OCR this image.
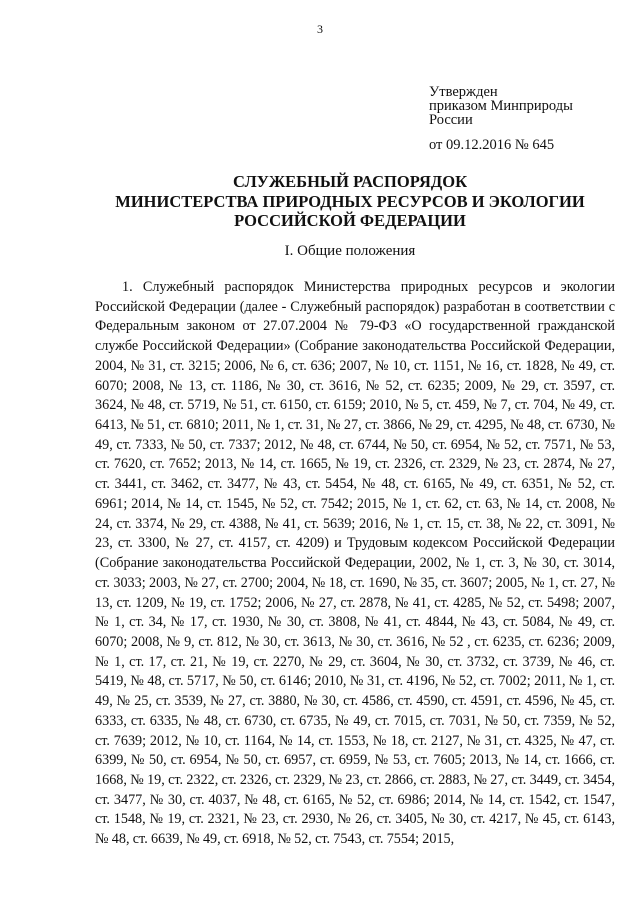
3
Утвержден
приказом Минприроды
России
от 09.12.2016 № 645
СЛУЖЕБНЫЙ РАСПОРЯДОК
МИНИСТЕРСТВА ПРИРОДНЫХ РЕСУРСОВ И ЭКОЛОГИИ
РОССИЙСКОЙ ФЕДЕРАЦИИ
I. Общие положения

1. Служебный распорядок Министерства природных ресурсов и экологии Российской Федерации (далее - Служебный распорядок) разработан в соответствии с Федеральным законом от 27.07.2004 № 79-ФЗ «О государственной гражданской службе Российской Федерации» (Собрание законодательства Российской Федерации, 2004, № 31, ст. 3215; 2006, № 6, ст. 636; 2007, № 10, ст. 1151, № 16, ст. 1828, № 49, ст. 6070; 2008, № 13, ст. 1186, № 30, ст. 3616, № 52, ст. 6235; 2009, № 29, ст. 3597, ст. 3624, № 48, ст. 5719, № 51, ст. 6150, ст. 6159; 2010, № 5, ст. 459, № 7, ст. 704, № 49, ст. 6413, № 51, ст. 6810; 2011, № 1, ст. 31, № 27, ст. 3866, № 29, ст. 4295, № 48, ст. 6730, № 49, ст. 7333, № 50, ст. 7337; 2012, № 48, ст. 6744, № 50, ст. 6954, № 52, ст. 7571, № 53, ст. 7620, ст. 7652; 2013, № 14, ст. 1665, № 19, ст. 2326, ст. 2329, № 23, ст. 2874, № 27, ст. 3441, ст. 3462, ст. 3477, № 43, ст. 5454, № 48, ст. 6165, № 49, ст. 6351, № 52, ст. 6961; 2014, № 14, ст. 1545, № 52, ст. 7542; 2015, № 1, ст. 62, ст. 63, № 14, ст. 2008, № 24, ст. 3374, № 29, ст. 4388, № 41, ст. 5639; 2016, № 1, ст. 15, ст. 38, № 22, ст. 3091, № 23, ст. 3300, № 27, ст. 4157, ст. 4209) и Трудовым кодексом Российской Федерации (Собрание законодательства Российской Федерации, 2002, № 1, ст. 3, № 30, ст. 3014, ст. 3033; 2003, № 27, ст. 2700; 2004, № 18, ст. 1690, № 35, ст. 3607; 2005, № 1, ст. 27, № 13, ст. 1209, № 19, ст. 1752; 2006, № 27, ст. 2878, № 41, ст. 4285, № 52, ст. 5498; 2007, № 1, ст. 34, № 17, ст. 1930, № 30, ст. 3808, № 41, ст. 4844, № 43, ст. 5084, № 49, ст. 6070; 2008, № 9, ст. 812, № 30, ст. 3613, № 30, ст. 3616, № 52 , ст. 6235, ст. 6236; 2009, № 1, ст. 17, ст. 21, № 19, ст. 2270, № 29, ст. 3604, № 30, ст. 3732, ст. 3739, № 46, ст. 5419, № 48, ст. 5717, № 50, ст. 6146; 2010, № 31, ст. 4196, № 52, ст. 7002; 2011, № 1, ст. 49, № 25, ст. 3539, № 27, ст. 3880, № 30, ст. 4586, ст. 4590, ст. 4591, ст. 4596, № 45, ст. 6333, ст. 6335, № 48, ст. 6730, ст. 6735, № 49, ст. 7015, ст. 7031, № 50, ст. 7359, № 52, ст. 7639; 2012, № 10, ст. 1164, № 14, ст. 1553, № 18, ст. 2127, № 31, ст. 4325, № 47, ст. 6399, № 50, ст. 6954, № 50, ст. 6957, ст. 6959, № 53, ст. 7605; 2013, № 14, ст. 1666, ст. 1668, № 19, ст. 2322, ст. 2326, ст. 2329, № 23, ст. 2866, ст. 2883, № 27, ст. 3449, ст. 3454, ст. 3477, № 30, ст. 4037, № 48, ст. 6165, № 52, ст. 6986; 2014, № 14, ст. 1542, ст. 1547, ст. 1548, № 19, ст. 2321, № 23, ст. 2930, № 26, ст. 3405, № 30, ст. 4217, № 45, ст. 6143, № 48, ст. 6639, № 49, ст. 6918, № 52, ст. 7543, ст. 7554; 2015,
